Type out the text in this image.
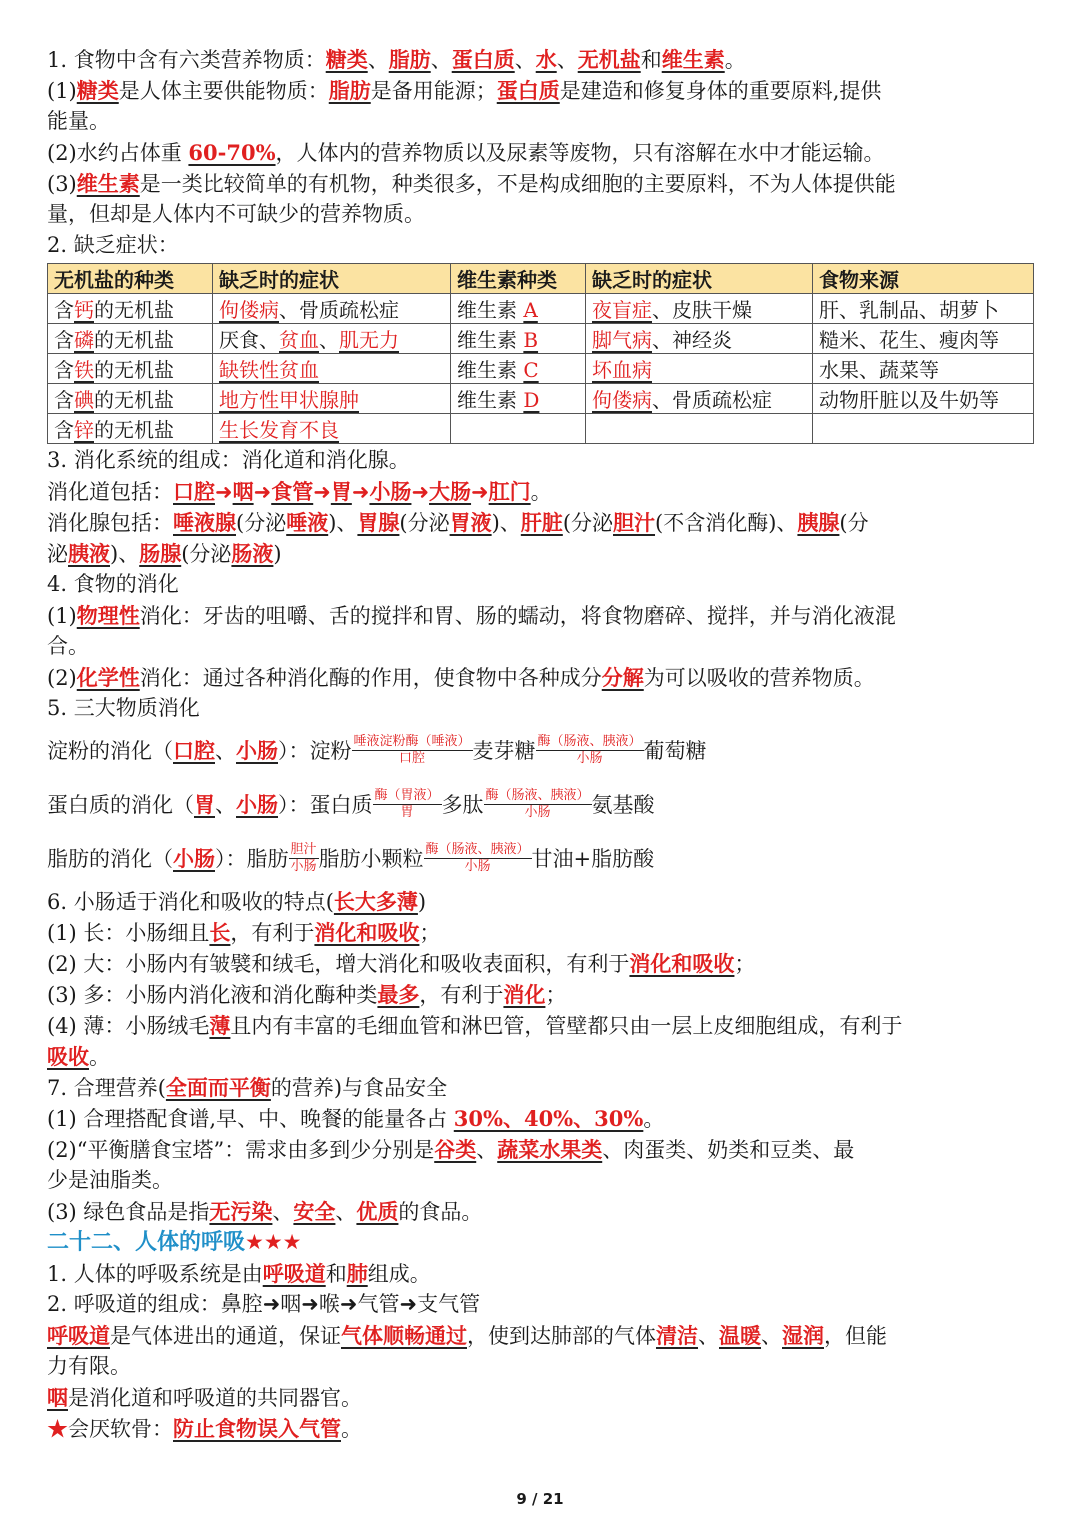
1. 食物中含有六类营养物质：糖类、脂肪、蛋白质、水、无机盐和维生素。
(1)糖类是人体主要供能物质：脂肪是备用能源；蛋白质是建造和修复身体的重要原料,提供
能量。
(2)水约占体重 60-70%，人体内的营养物质以及尿素等废物，只有溶解在水中才能运输。
(3)维生素是一类比较简单的有机物，种类很多，不是构成细胞的主要原料，不为人体提供能
量，但却是人体内不可缺少的营养物质。
2. 缺乏症状：
无机盐的种类	缺乏时的症状	维生素种类	缺乏时的症状	食物来源
含钙的无机盐	佝偻病、骨质疏松症	维生素 A	夜盲症、皮肤干燥	肝、乳制品、胡萝卜
含磷的无机盐	厌食、贫血、肌无力	维生素 B	脚气病、神经炎	糙米、花生、瘦肉等
含铁的无机盐	缺铁性贫血	维生素 C	坏血病	水果、蔬菜等
含碘的无机盐	地方性甲状腺肿	维生素 D	佝偻病、骨质疏松症	动物肝脏以及牛奶等
含锌的无机盐	生长发育不良			
3. 消化系统的组成：消化道和消化腺。
消化道包括：口腔➜咽➜食管➜胃➜小肠➜大肠➜肛门。
消化腺包括：唾液腺(分泌唾液)、胃腺(分泌胃液)、肝脏(分泌胆汁(不含消化酶)、胰腺(分
泌胰液)、肠腺(分泌肠液)
4. 食物的消化
(1)物理性消化：牙齿的咀嚼、舌的搅拌和胃、肠的蠕动，将食物磨碎、搅拌，并与消化液混
合。
(2)化学性消化：通过各种消化酶的作用，使食物中各种成分分解为可以吸收的营养物质。
5. 三大物质消化
淀粉的消化（口腔、小肠）：淀粉 唾液淀粉酶（唾液）
口腔	麦芽糖 酶（肠液、胰液）
小肠	葡萄糖
蛋白质的消化（胃、小肠）：蛋白质 酶（胃液）
胃	多肽 酶（肠液、胰液）
小肠	氨基酸
脂肪的消化（小肠）：脂肪 胆汁
小肠 脂肪小颗粒 酶（肠液、胰液）
小肠	甘油+脂肪酸
6. 小肠适于消化和吸收的特点(长大多薄)
(1) 长：小肠细且长，有利于消化和吸收；
(2) 大：小肠内有皱襞和绒毛，增大消化和吸收表面积，有利于消化和吸收；
(3) 多：小肠内消化液和消化酶种类最多，有利于消化；
(4) 薄：小肠绒毛薄且内有丰富的毛细血管和淋巴管，管壁都只由一层上皮细胞组成，有利于
吸收。
7. 合理营养(全面而平衡的营养)与食品安全
(1) 合理搭配食谱,早、中、晚餐的能量各占 30%、40%、30%。
(2)“平衡膳食宝塔”：需求由多到少分别是谷类、蔬菜水果类、肉蛋类、奶类和豆类、最
少是油脂类。
(3) 绿色食品是指无污染、安全、优质的食品。
二十二、人体的呼吸★★★
1. 人体的呼吸系统是由呼吸道和肺组成。
2. 呼吸道的组成：鼻腔➜咽➜喉➜气管➜支气管
呼吸道是气体进出的通道，保证气体顺畅通过，使到达肺部的气体清洁、温暖、湿润，但能
力有限。
咽是消化道和呼吸道的共同器官。
★会厌软骨：防止食物误入气管。
9 / 21
